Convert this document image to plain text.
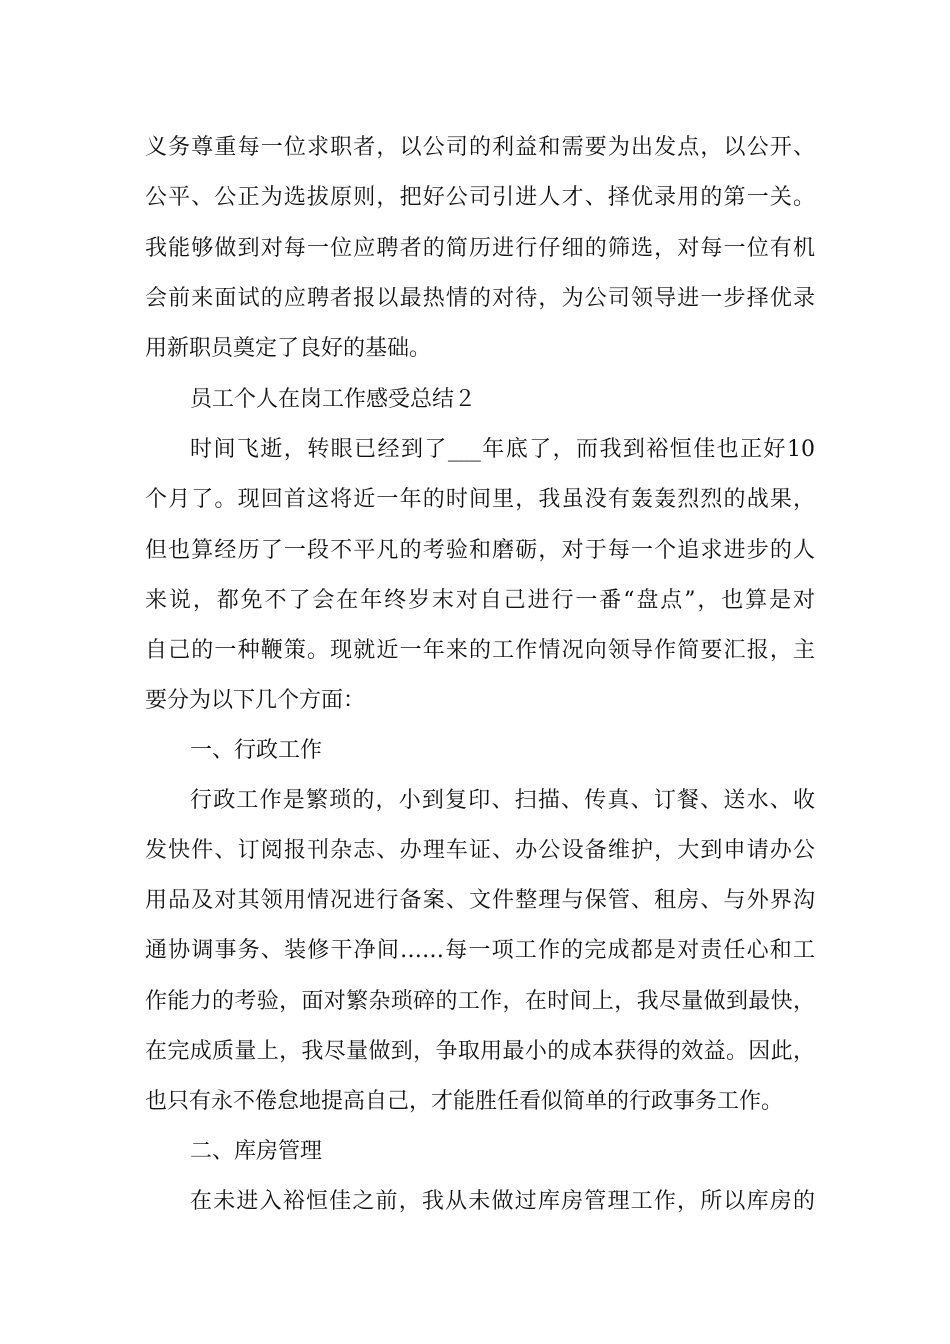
义务尊重每一位求职者，以公司的利益和需要为出发点，以公开、
公平、公正为选拔原则，把好公司引进人才、择优录用的第一关。
我能够做到对每一位应聘者的简历进行仔细的筛选，对每一位有机
会前来面试的应聘者报以最热情的对待，为公司领导进一步择优录
用新职员奠定了良好的基础。
员工个人在岗工作感受总结２
时间飞逝，转眼已经到了___年底了，而我到裕恒佳也正好10
个月了。现回首这将近一年的时间里，我虽没有轰轰烈烈的战果，
但也算经历了一段不平凡的考验和磨砺，对于每一个追求进步的人
来说，都免不了会在年终岁末对自己进行一番“盘点”，也算是对
自己的一种鞭策。现就近一年来的工作情况向领导作简要汇报，主
要分为以下几个方面：
一、行政工作
行政工作是繁琐的，小到复印、扫描、传真、订餐、送水、收
发快件、订阅报刊杂志、办理车证、办公设备维护，大到申请办公
用品及对其领用情况进行备案、文件整理与保管、租房、与外界沟
通协调事务、装修干净间……每一项工作的完成都是对责任心和工
作能力的考验，面对繁杂琐碎的工作，在时间上，我尽量做到最快，
在完成质量上，我尽量做到，争取用最小的成本获得的效益。因此，
也只有永不倦怠地提高自己，才能胜任看似简单的行政事务工作。
二、库房管理
在未进入裕恒佳之前，我从未做过库房管理工作，所以库房的
